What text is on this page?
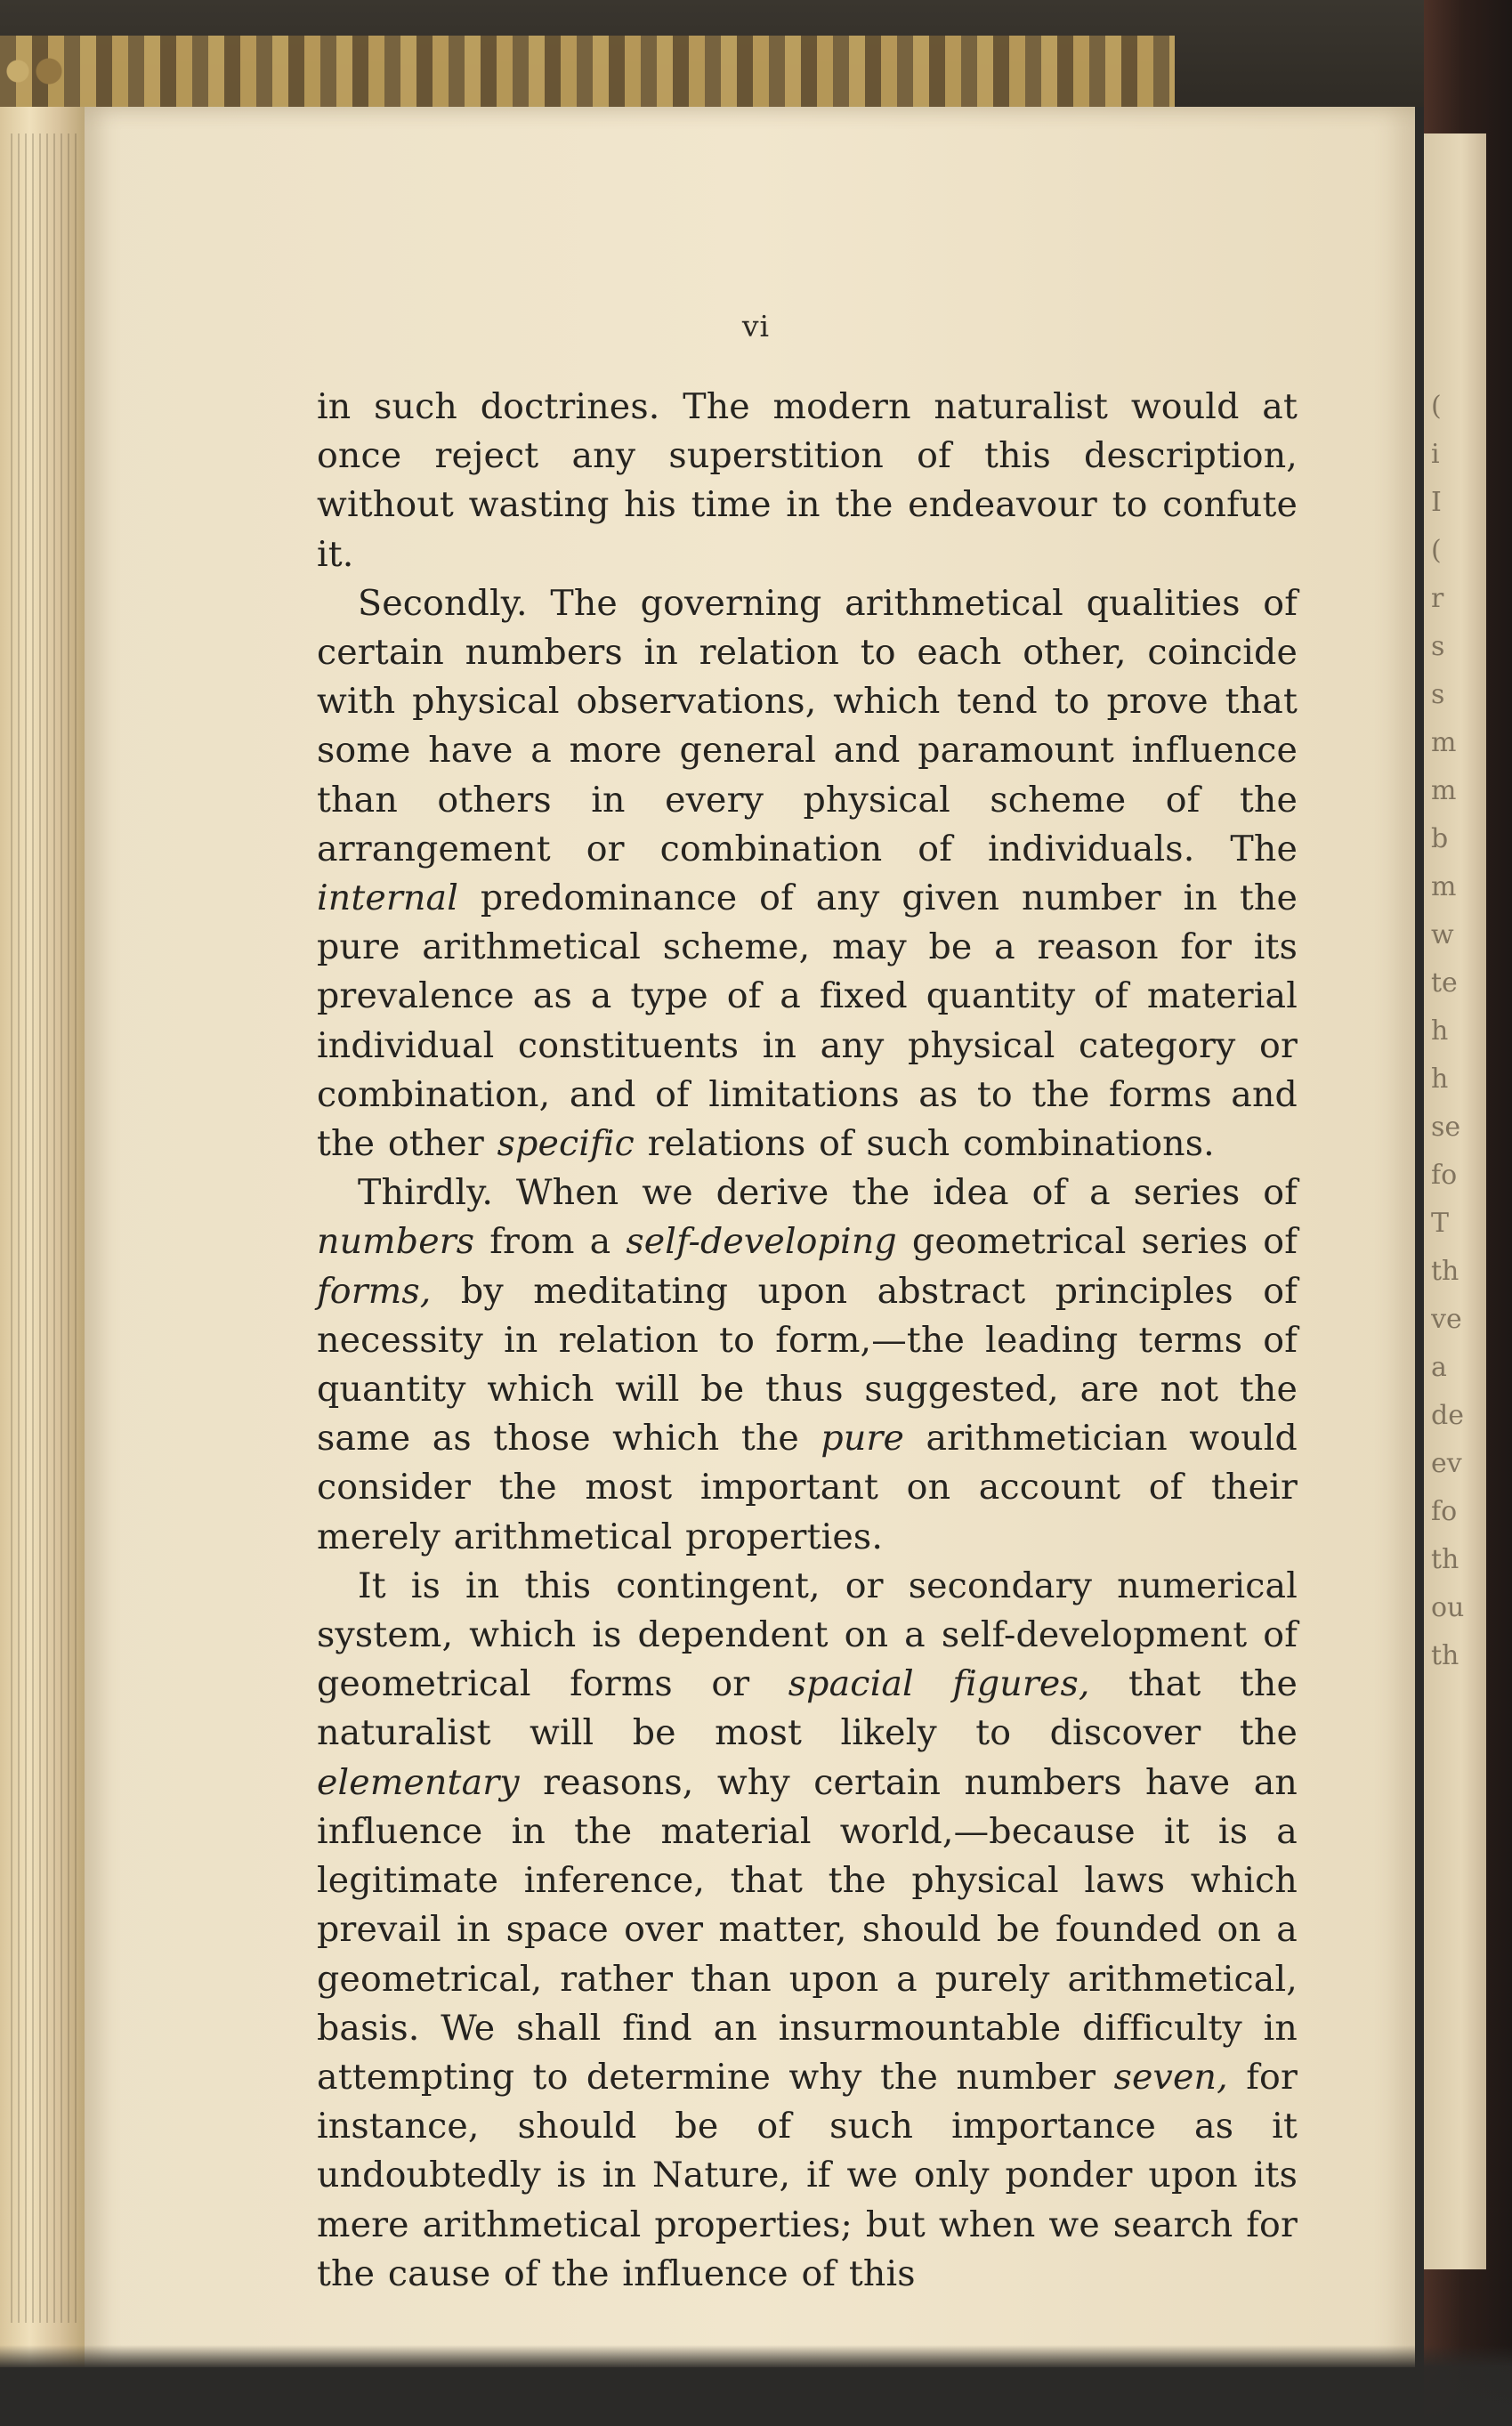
(
i
I
(
r
s
s
m
m
b
m
w
te
h
h
se
fo
T
th
ve
a
de
ev
fo
th
ou
th
vi

in such doctrines. The modern naturalist would at once reject any superstition of this description, without wasting his time in the endeavour to confute it.

Secondly. The governing arithmetical qualities of certain numbers in relation to each other, coincide with physical observations, which tend to prove that some have a more general and paramount influence than others in every physical scheme of the arrangement or combination of individuals. The internal predominance of any given number in the pure arithmetical scheme, may be a reason for its prevalence as a type of a fixed quantity of material individual constituents in any physical category or combination, and of limitations as to the forms and the other specific relations of such combinations.

Thirdly. When we derive the idea of a series of numbers from a self-developing geometrical series of forms, by meditating upon abstract principles of necessity in relation to form,—the leading terms of quantity which will be thus suggested, are not the same as those which the pure arithmetician would consider the most important on account of their merely arithmetical properties.

It is in this contingent, or secondary numerical system, which is dependent on a self-development of geometrical forms or spacial figures, that the naturalist will be most likely to discover the elementary reasons, why certain numbers have an influence in the material world,—because it is a legitimate inference, that the physical laws which prevail in space over matter, should be founded on a geometrical, rather than upon a purely arithmetical, basis. We shall find an insurmountable difficulty in attempting to determine why the number seven, for instance, should be of such importance as it undoubtedly is in Nature, if we only ponder upon its mere arithmetical properties; but when we search for the cause of the influence of this
